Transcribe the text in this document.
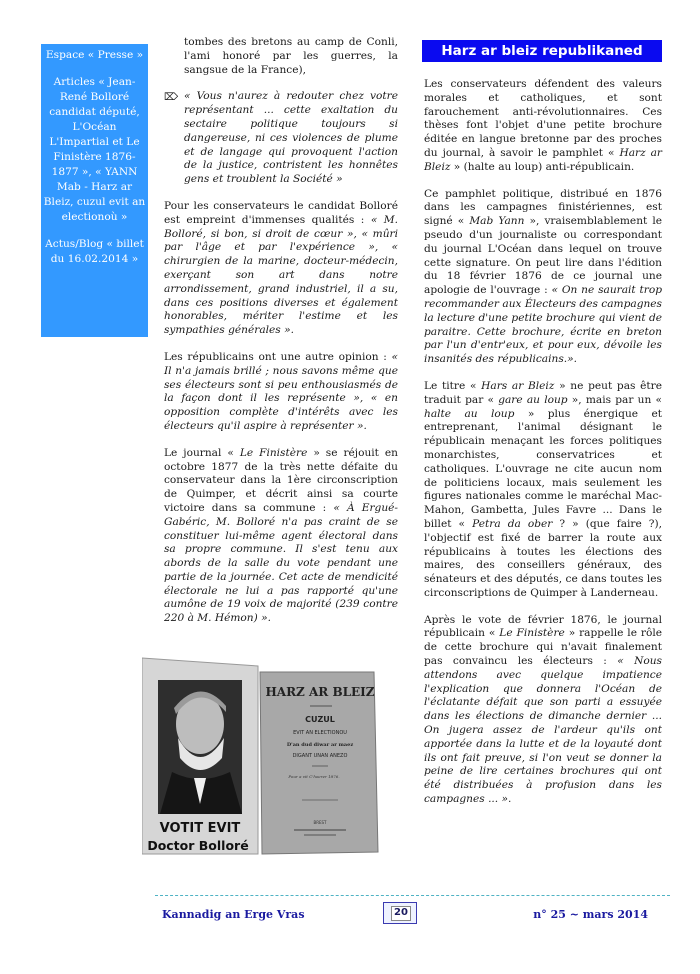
Espace « Presse »

Articles « Jean-René Bolloré candidat député, L'Océan L'Impartial et Le Finistère 1876-1877 », « YANN Mab - Harz ar Bleiz, cuzul evit an electionoù »

Actus/Blog « billet du 16.02.2014 »

tombes des bretons au camp de Conli, l'ami honoré par les guerres, la sangsue de la France),

⌦ « Vous n'aurez à redouter chez votre représentant ... cette exaltation du sectaire politique toujours si dangereuse, ni ces violences de plume et de langage qui provoquent l'action de la justice, contristent les honnêtes gens et troublent la Société »

Pour les conservateurs le candidat Bolloré est empreint d'immenses qualités : « M. Bolloré, si bon, si droit de cœur », « mûri par l'âge et par l'expérience », « chirurgien de la marine, docteur-médecin, exerçant son art dans notre arrondissement, grand industriel, il a su, dans ces positions diverses et également honorables, mériter l'estime et les sympathies générales ».

Les républicains ont une autre opinion : « Il n'a jamais brillé ; nous savons même que ses électeurs sont si peu enthousiasmés de la façon dont il les représente », « en opposition complète d'intérêts avec les électeurs qu'il aspire à représenter ».

Le journal « Le Finistère » se réjouit en octobre 1877 de la très nette défaite du conservateur dans la 1ère circonscription de Quimper, et décrit ainsi sa courte victoire dans sa commune : « À Ergué-Gabéric, M. Bolloré n'a pas craint de se constituer lui-même agent électoral dans sa propre commune. Il s'est tenu aux abords de la salle du vote pendant une partie de la journée. Cet acte de mendicité électorale ne lui a pas rapporté qu'une aumône de 19 voix de majorité (239 contre 220 à M. Hémon) ».

VOTIT EVIT
Doctor Bolloré
HARZ AR BLEIZ
CUZUL
EVIT AN ELECTIONOU
D'an dud diwar ar maez
DIGANT UNAN ANEZO
Pour a vit C'hoerer 1876.
BREST
Harz ar bleiz republikaned

Les conservateurs défendent des valeurs morales et catholiques, et sont farouchement anti-révolutionnaires. Ces thèses font l'objet d'une petite brochure éditée en langue bretonne par des proches du journal, à savoir le pamphlet « Harz ar Bleiz » (halte au loup) anti-républicain.

Ce pamphlet politique, distribué en 1876 dans les campagnes finistériennes, est signé « Mab Yann », vraisemblablement le pseudo d'un journaliste ou correspondant du journal L'Océan dans lequel on trouve cette signature. On peut lire dans l'édition du 18 février 1876 de ce journal une apologie de l'ouvrage : « On ne saurait trop recommander aux Électeurs des campagnes la lecture d'une petite brochure qui vient de paraitre. Cette brochure, écrite en breton par l'un d'entr'eux, et pour eux, dévoile les insanités des républicains.».

Le titre « Hars ar Bleiz » ne peut pas être traduit par « gare au loup », mais par un « halte au loup » plus énergique et entreprenant, l'animal désignant le républicain menaçant les forces politiques monarchistes, conservatrices et catholiques. L'ouvrage ne cite aucun nom de politiciens locaux, mais seulement les figures nationales comme le maréchal Mac-Mahon, Gambetta, Jules Favre ... Dans le billet « Petra da ober ? » (que faire ?), l'objectif est fixé de barrer la route aux républicains à toutes les élections des maires, des conseillers généraux, des sénateurs et des députés, ce dans toutes les circonscriptions de Quimper à Landerneau.

Après le vote de février 1876, le journal républicain « Le Finistère » rappelle le rôle de cette brochure qui n'avait finalement pas convaincu les électeurs : « Nous attendons avec quelque impatience l'explication que donnera l'Océan de l'éclatante défait que son parti a essuyée dans les élections de dimanche dernier ... On jugera assez de l'ardeur qu'ils ont apportée dans la lutte et de la loyauté dont ils ont fait preuve, si l'on veut se donner la peine de lire certaines brochures qui ont été distribuées à profusion dans les campagnes ... ».

Kannadig an Erge Vras	20	n° 25 ~ mars 2014
